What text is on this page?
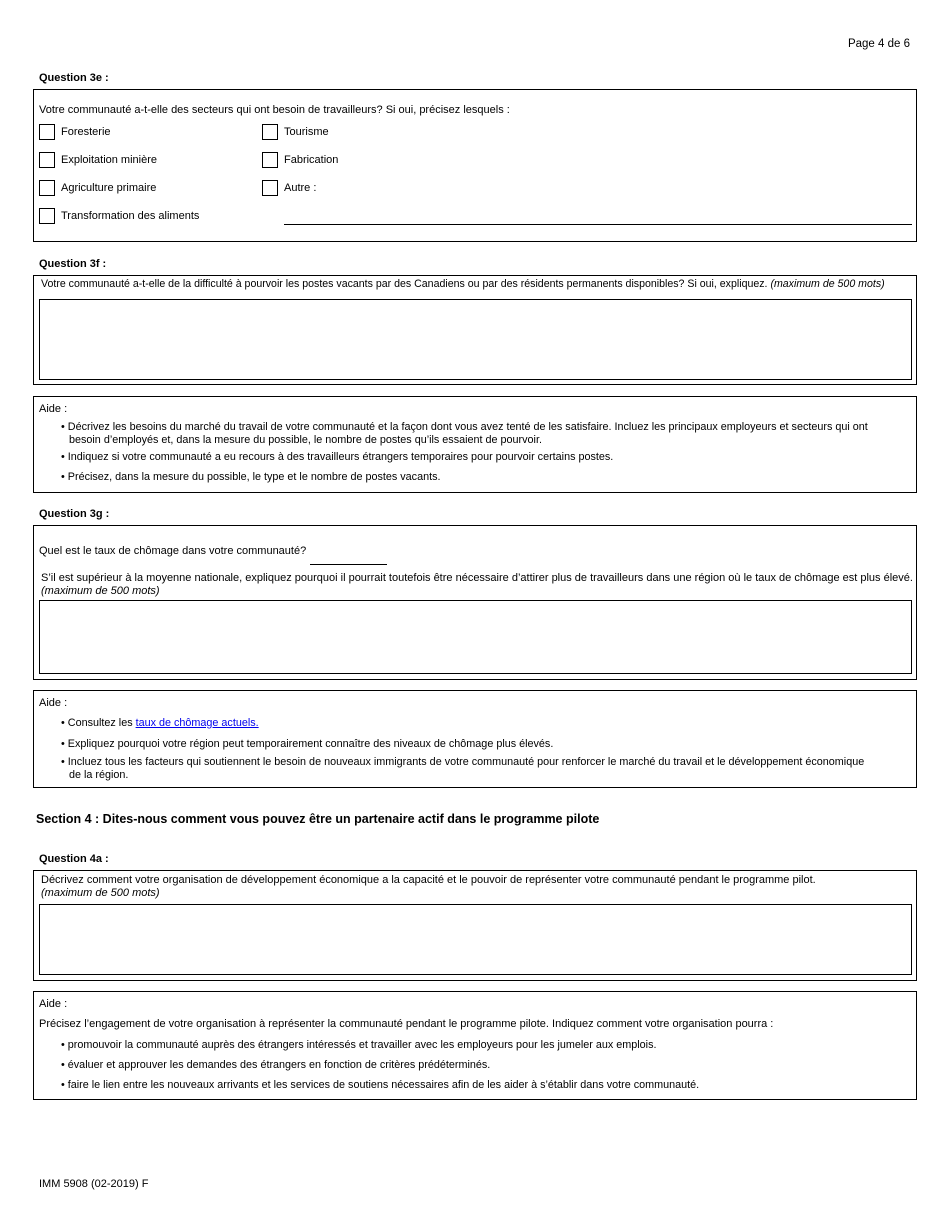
Page 4 de 6
Question 3e :
Votre communauté a-t-elle des secteurs qui ont besoin de travailleurs? Si oui, précisez lesquels :
Foresterie
Exploitation minière
Agriculture primaire
Transformation des aliments
Tourisme
Fabrication
Autre :
Question 3f :
Votre communauté a-t-elle de la difficulté à pourvoir les postes vacants par des Canadiens ou par des résidents permanents disponibles? Si oui, expliquez. (maximum de 500 mots)
Aide :
• Décrivez les besoins du marché du travail de votre communauté et la façon dont vous avez tenté de les satisfaire. Incluez les principaux employeurs et secteurs qui ont besoin d’employés et, dans la mesure du possible, le nombre de postes qu’ils essaient de pourvoir.
• Indiquez si votre communauté a eu recours à des travailleurs étrangers temporaires pour pourvoir certains postes.
• Précisez, dans la mesure du possible, le type et le nombre de postes vacants.
Question 3g :
Quel est le taux de chômage dans votre communauté?
S’il est supérieur à la moyenne nationale, expliquez pourquoi il pourrait toutefois être nécessaire d’attirer plus de travailleurs dans une région où le taux de chômage est plus élevé.
(maximum de 500 mots)
Aide :
• Consultez les taux de chômage actuels.
• Expliquez pourquoi votre région peut temporairement connaître des niveaux de chômage plus élevés.
• Incluez tous les facteurs qui soutiennent le besoin de nouveaux immigrants de votre communauté pour renforcer le marché du travail et le développement économique de la région.
Section 4 : Dites-nous comment vous pouvez être un partenaire actif dans le programme pilote
Question 4a :
Décrivez comment votre organisation de développement économique a la capacité et le pouvoir de représenter votre communauté pendant le programme pilot.
(maximum de 500 mots)
Aide :
Précisez l’engagement de votre organisation à représenter la communauté pendant le programme pilote. Indiquez comment votre organisation pourra :
• promouvoir la communauté auprès des étrangers intéressés et travailler avec les employeurs pour les jumeler aux emplois.
• évaluer et approuver les demandes des étrangers en fonction de critères prédéterminés.
• faire le lien entre les nouveaux arrivants et les services de soutiens nécessaires afin de les aider à s’établir dans votre communauté.
IMM 5908 (02-2019) F
